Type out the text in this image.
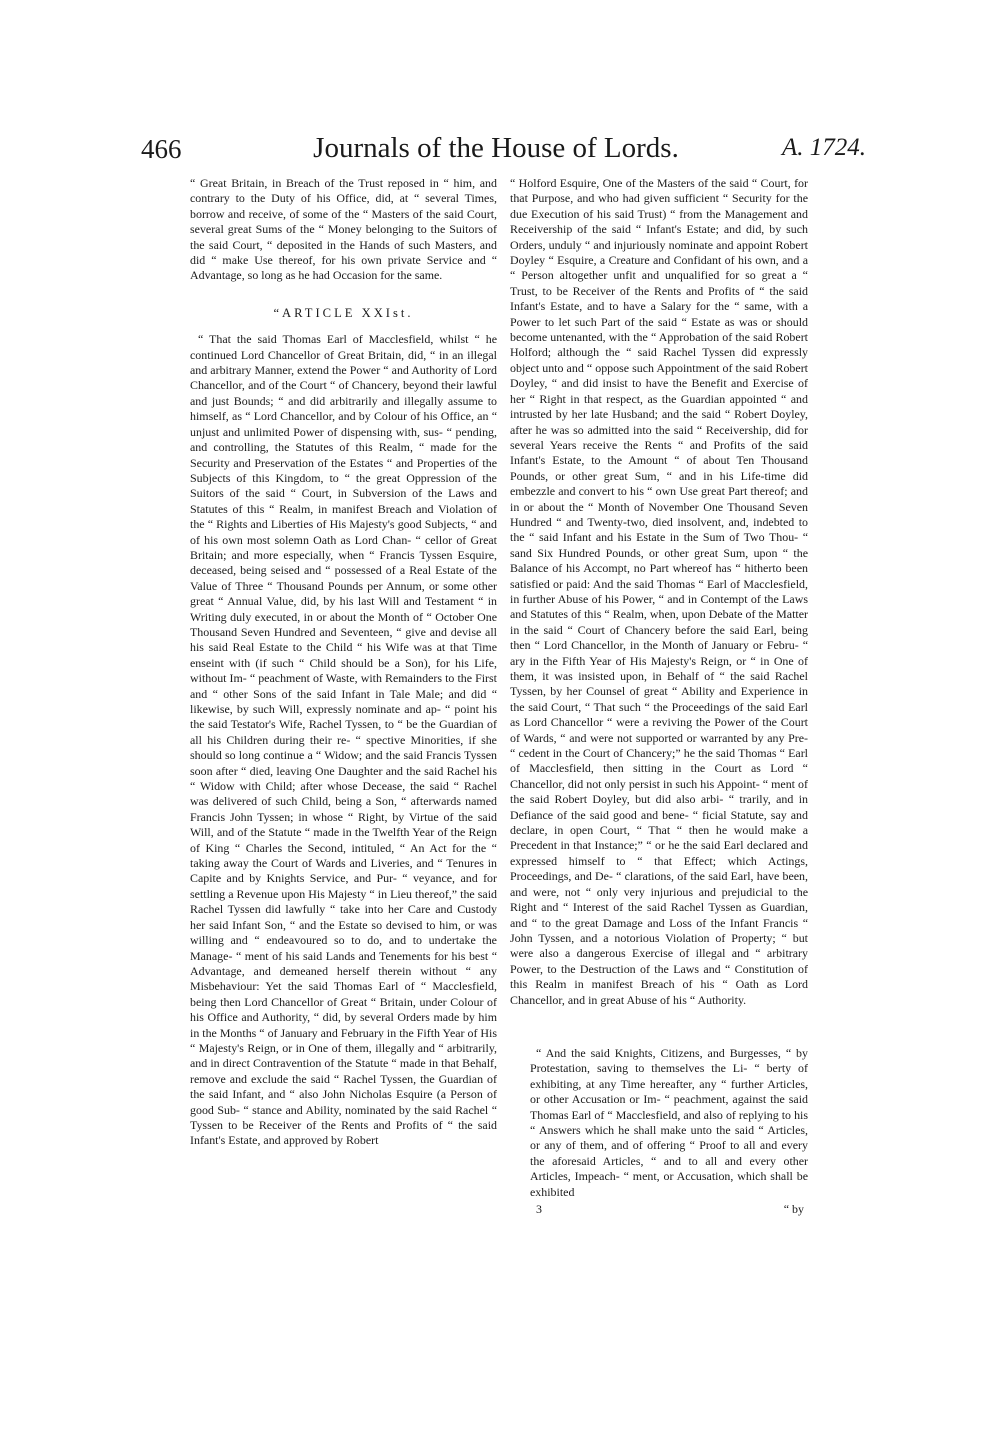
466	Journals of the House of Lords.	A. 1724.

“ Great Britain, in Breach of the Trust reposed in “ him, and contrary to the Duty of his Office, did, at “ several Times, borrow and receive, of some of the “ Masters of the said Court, several great Sums of the “ Money belonging to the Suitors of the said Court, “ deposited in the Hands of such Masters, and did “ make Use thereof, for his own private Service and “ Advantage, so long as he had Occasion for the same.

“ARTICLE XXIst.

“ That the said Thomas Earl of Macclesfield, whilst “ he continued Lord Chancellor of Great Britain, did, “ in an illegal and arbitrary Manner, extend the Power “ and Authority of Lord Chancellor, and of the Court “ of Chancery, beyond their lawful and just Bounds; “ and did arbitrarily and illegally assume to himself, as “ Lord Chancellor, and by Colour of his Office, an “ unjust and unlimited Power of dispensing with, sus- “ pending, and controlling, the Statutes of this Realm, “ made for the Security and Preservation of the Estates “ and Properties of the Subjects of this Kingdom, to “ the great Oppression of the Suitors of the said “ Court, in Subversion of the Laws and Statutes of this “ Realm, in manifest Breach and Violation of the “ Rights and Liberties of His Majesty's good Subjects, “ and of his own most solemn Oath as Lord Chan- “ cellor of Great Britain; and more especially, when “ Francis Tyssen Esquire, deceased, being seised and “ possessed of a Real Estate of the Value of Three “ Thousand Pounds per Annum, or some other great “ Annual Value, did, by his last Will and Testament “ in Writing duly executed, in or about the Month of “ October One Thousand Seven Hundred and Seventeen, “ give and devise all his said Real Estate to the Child “ his Wife was at that Time enseint with (if such “ Child should be a Son), for his Life, without Im- “ peachment of Waste, with Remainders to the First and “ other Sons of the said Infant in Tale Male; and did “ likewise, by such Will, expressly nominate and ap- “ point his the said Testator's Wife, Rachel Tyssen, to “ be the Guardian of all his Children during their re- “ spective Minorities, if she should so long continue a “ Widow; and the said Francis Tyssen soon after “ died, leaving One Daughter and the said Rachel his “ Widow with Child; after whose Decease, the said “ Rachel was delivered of such Child, being a Son, “ afterwards named Francis John Tyssen; in whose “ Right, by Virtue of the said Will, and of the Statute “ made in the Twelfth Year of the Reign of King “ Charles the Second, intituled, “ An Act for the “ taking away the Court of Wards and Liveries, and “ Tenures in Capite and by Knights Service, and Pur- “ veyance, and for settling a Revenue upon His Majesty “ in Lieu thereof,” the said Rachel Tyssen did lawfully “ take into her Care and Custody her said Infant Son, “ and the Estate so devised to him, or was willing and “ endeavoured so to do, and to undertake the Manage- “ ment of his said Lands and Tenements for his best “ Advantage, and demeaned herself therein without “ any Misbehaviour: Yet the said Thomas Earl of “ Macclesfield, being then Lord Chancellor of Great “ Britain, under Colour of his Office and Authority, “ did, by several Orders made by him in the Months “ of January and February in the Fifth Year of His “ Majesty's Reign, or in One of them, illegally and “ arbitrarily, and in direct Contravention of the Statute “ made in that Behalf, remove and exclude the said “ Rachel Tyssen, the Guardian of the said Infant, and “ also John Nicholas Esquire (a Person of good Sub- “ stance and Ability, nominated by the said Rachel “ Tyssen to be Receiver of the Rents and Profits of “ the said Infant's Estate, and approved by Robert

“ Holford Esquire, One of the Masters of the said “ Court, for that Purpose, and who had given sufficient “ Security for the due Execution of his said Trust) “ from the Management and Receivership of the said “ Infant's Estate; and did, by such Orders, unduly “ and injuriously nominate and appoint Robert Doyley “ Esquire, a Creature and Confidant of his own, and a “ Person altogether unfit and unqualified for so great a “ Trust, to be Receiver of the Rents and Profits of “ the said Infant's Estate, and to have a Salary for the “ same, with a Power to let such Part of the said “ Estate as was or should become untenanted, with the “ Approbation of the said Robert Holford; although the “ said Rachel Tyssen did expressly object unto and “ oppose such Appointment of the said Robert Doyley, “ and did insist to have the Benefit and Exercise of her “ Right in that respect, as the Guardian appointed “ and intrusted by her late Husband; and the said “ Robert Doyley, after he was so admitted into the said “ Receivership, did for several Years receive the Rents “ and Profits of the said Infant's Estate, to the Amount “ of about Ten Thousand Pounds, or other great Sum, “ and in his Life-time did embezzle and convert to his “ own Use great Part thereof; and in or about the “ Month of November One Thousand Seven Hundred “ and Twenty-two, died insolvent, and, indebted to the “ said Infant and his Estate in the Sum of Two Thou- “ sand Six Hundred Pounds, or other great Sum, upon “ the Balance of his Accompt, no Part whereof has “ hitherto been satisfied or paid: And the said Thomas “ Earl of Macclesfield, in further Abuse of his Power, “ and in Contempt of the Laws and Statutes of this “ Realm, when, upon Debate of the Matter in the said “ Court of Chancery before the said Earl, being then “ Lord Chancellor, in the Month of January or Febru- “ ary in the Fifth Year of His Majesty's Reign, or “ in One of them, it was insisted upon, in Behalf of “ the said Rachel Tyssen, by her Counsel of great “ Ability and Experience in the said Court, “ That such “ the Proceedings of the said Earl as Lord Chancellor “ were a reviving the Power of the Court of Wards, “ and were not supported or warranted by any Pre- “ cedent in the Court of Chancery;” he the said Thomas “ Earl of Macclesfield, then sitting in the Court as Lord “ Chancellor, did not only persist in such his Appoint- “ ment of the said Robert Doyley, but did also arbi- “ trarily, and in Defiance of the said good and bene- “ ficial Statute, say and declare, in open Court, “ That “ then he would make a Precedent in that Instance;” “ or he the said Earl declared and expressed himself to “ that Effect; which Actings, Proceedings, and De- “ clarations, of the said Earl, have been, and were, not “ only very injurious and prejudicial to the Right and “ Interest of the said Rachel Tyssen as Guardian, and “ to the great Damage and Loss of the Infant Francis “ John Tyssen, and a notorious Violation of Property; “ but were also a dangerous Exercise of illegal and “ arbitrary Power, to the Destruction of the Laws and “ Constitution of this Realm in manifest Breach of his “ Oath as Lord Chancellor, and in great Abuse of his “ Authority.

“ And the said Knights, Citizens, and Burgesses, “ by Protestation, saving to themselves the Li- “ berty of exhibiting, at any Time hereafter, any “ further Articles, or other Accusation or Im- “ peachment, against the said Thomas Earl of “ Macclesfield, and also of replying to his “ Answers which he shall make unto the said “ Articles, or any of them, and of offering “ Proof to all and every the aforesaid Articles, “ and to all and every other Articles, Impeach- “ ment, or Accusation, which shall be exhibited

3	“ by
